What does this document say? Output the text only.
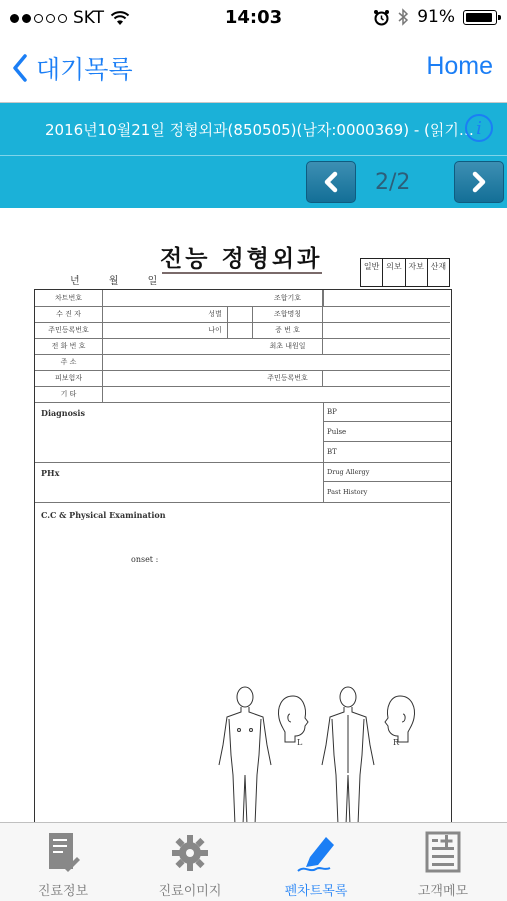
SKT	14:03	91%
대기목록	Home
2016년10월21일 정형외과(850505)(남자:0000369) - (읽기… i
2/2
전능 정형외과
년 월 일
일반 의보 자보 산재
차트번호	조합기호
수 진 자	성별	조합명칭
주민등록번호	나이	증 번 호
전 화 번 호	최초 내원일
주 소
피보험자	주민등록번호
기 타
Diagnosis	BP
Pulse
BT
PHx	Drug Allergy
Past History
C.C & Physical Examination
onset :
L	R
진료정보	진료이미지	펜차트목록	고객메모
